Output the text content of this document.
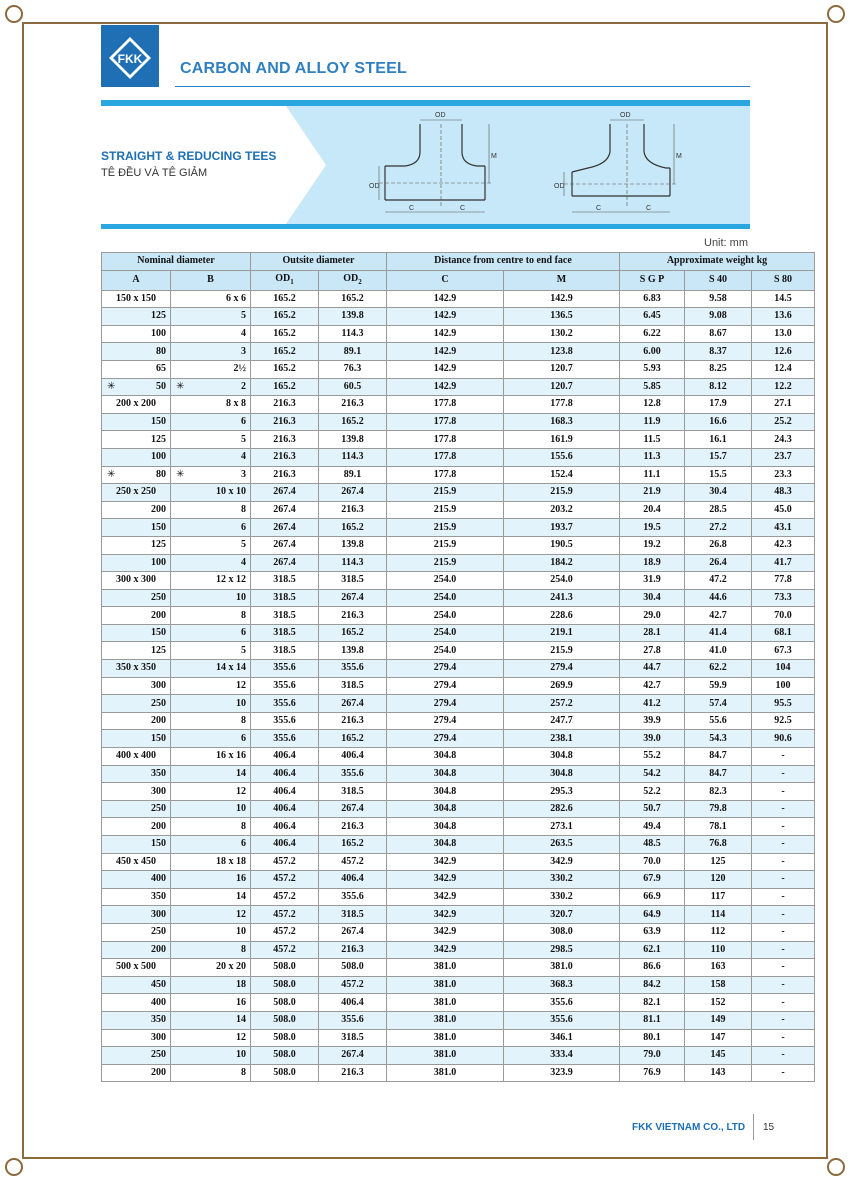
FKK
CARBON AND ALLOY STEEL
STRAIGHT & REDUCING TEES
TÊ ĐỀU VÀ TÊ GIẢM
OD
M
OD
C	C
OD
M
OD
C	C
Unit: mm
Nominal diameter		Outsite diameter		Distance from centre to end face		Approximate weight kg		
A	B	$OD_1$	$OD_2$	C	M	S G P	S 40	S 80
150 x 150	6 x 6	165.2	165.2	142.9	142.9	6.83	9.58	14.5
125	5	165.2	139.8	142.9	136.5	6.45	9.08	13.6
100	4	165.2	114.3	142.9	130.2	6.22	8.67	13.0
80	3	165.2	89.1	142.9	123.8	6.00	8.37	12.6
65	2½	165.2	76.3	142.9	120.7	5.93	8.25	12.4

✳ 50	✳ 2	165.2	60.5	142.9	120.7	5.85	8.12	12.2
200 x 200	8 x 8	216.3	216.3	177.8	177.8	12.8	17.9	27.1
150	6	216.3	165.2	177.8	168.3	11.9	16.6	25.2
125	5	216.3	139.8	177.8	161.9	11.5	16.1	24.3
100	4	216.3	114.3	177.8	155.6	11.3	15.7	23.7

✳ 80	✳ 3	216.3	89.1	177.8	152.4	11.1	15.5	23.3
250 x 250	10 x 10	267.4	267.4	215.9	215.9	21.9	30.4	48.3
200	8	267.4	216.3	215.9	203.2	20.4	28.5	45.0
150	6	267.4	165.2	215.9	193.7	19.5	27.2	43.1
125	5	267.4	139.8	215.9	190.5	19.2	26.8	42.3
100	4	267.4	114.3	215.9	184.2	18.9	26.4	41.7
300 x 300	12 x 12	318.5	318.5	254.0	254.0	31.9	47.2	77.8
250	10	318.5	267.4	254.0	241.3	30.4	44.6	73.3
200	8	318.5	216.3	254.0	228.6	29.0	42.7	70.0
150	6	318.5	165.2	254.0	219.1	28.1	41.4	68.1
125	5	318.5	139.8	254.0	215.9	27.8	41.0	67.3
350 x 350	14 x 14	355.6	355.6	279.4	279.4	44.7	62.2	104
300	12	355.6	318.5	279.4	269.9	42.7	59.9	100
250	10	355.6	267.4	279.4	257.2	41.2	57.4	95.5
200	8	355.6	216.3	279.4	247.7	39.9	55.6	92.5
150	6	355.6	165.2	279.4	238.1	39.0	54.3	90.6
400 x 400	16 x 16	406.4	406.4	304.8	304.8	55.2	84.7	-
350	14	406.4	355.6	304.8	304.8	54.2	84.7	-
300	12	406.4	318.5	304.8	295.3	52.2	82.3	-
250	10	406.4	267.4	304.8	282.6	50.7	79.8	-
200	8	406.4	216.3	304.8	273.1	49.4	78.1	-
150	6	406.4	165.2	304.8	263.5	48.5	76.8	-
450 x 450	18 x 18	457.2	457.2	342.9	342.9	70.0	125	-
400	16	457.2	406.4	342.9	330.2	67.9	120	-
350	14	457.2	355.6	342.9	330.2	66.9	117	-
300	12	457.2	318.5	342.9	320.7	64.9	114	-
250	10	457.2	267.4	342.9	308.0	63.9	112	-
200	8	457.2	216.3	342.9	298.5	62.1	110	-
500 x 500	20 x 20	508.0	508.0	381.0	381.0	86.6	163	-
450	18	508.0	457.2	381.0	368.3	84.2	158	-
400	16	508.0	406.4	381.0	355.6	82.1	152	-
350	14	508.0	355.6	381.0	355.6	81.1	149	-
300	12	508.0	318.5	381.0	346.1	80.1	147	-
250	10	508.0	267.4	381.0	333.4	79.0	145	-
200	8	508.0	216.3	381.0	323.9	76.9	143	-
FKK VIETNAM CO., LTD 15
